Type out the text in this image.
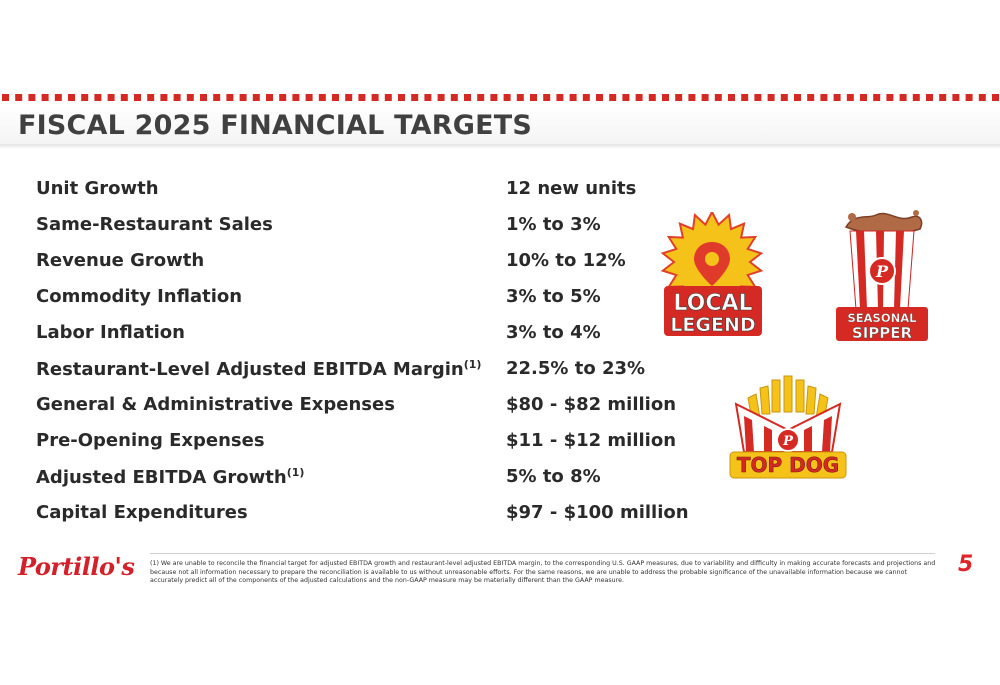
FISCAL 2025 FINANCIAL TARGETS
Unit Growth	12 new units
Same-Restaurant Sales	1% to 3%
Revenue Growth	10% to 12%
Commodity Inflation	3% to 5%
Labor Inflation	3% to 4%
Restaurant-Level Adjusted EBITDA Margin$^{(1)}$ 22.5% to 23%
General & Administrative Expenses	$80 - $82 million
Pre-Opening Expenses	$11 - $12 million
Adjusted EBITDA Growth$^{(1)}$	5% to 8%
Capital Expenditures	$97 - $100 million
LOCAL
LEGEND
P
SEASONAL
SIPPER
P
TOP DOG
Portillo's (1) We are unable to reconcile the financial target for adjusted EBITDA growth and restaurant-level adjusted EBITDA margin, to the corresponding U.S. GAAP measures, due to variability and difficulty in making accurate forecasts and projections and because not all information necessary to prepare the reconciliation is available to us without unreasonable efforts. For the same reasons, we are unable to address the probable significance of the unavailable information because we cannot accurately predict all of the components of the adjusted calculations and the non-GAAP measure may be materially different than the GAAP measure.
5
